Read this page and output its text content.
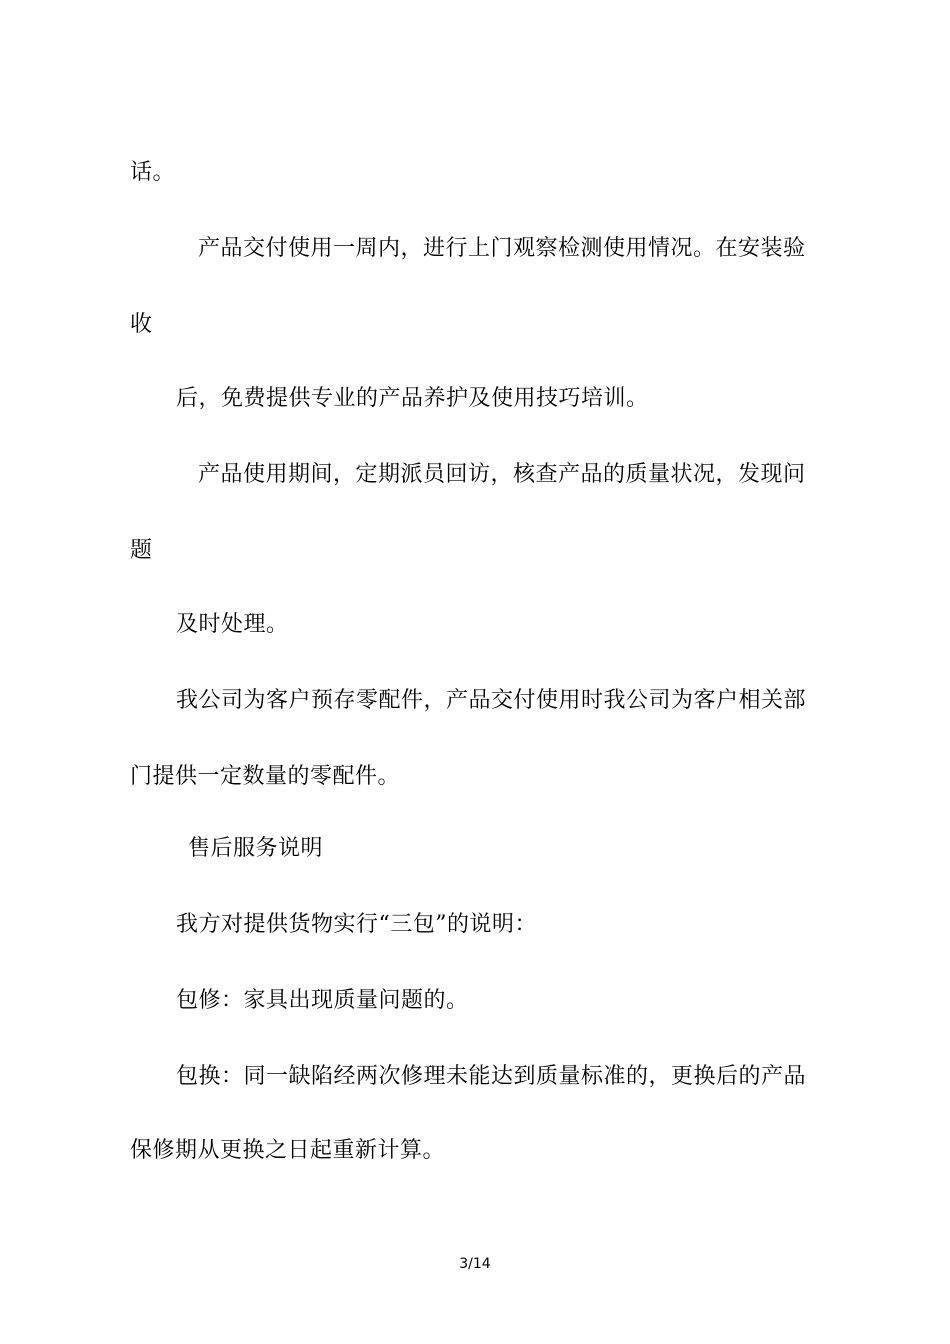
话。
产品交付使用一周内，进行上门观察检测使用情况。在安装验
收
后，免费提供专业的产品养护及使用技巧培训。
产品使用期间，定期派员回访，核查产品的质量状况，发现问
题
及时处理。
我公司为客户预存零配件，产品交付使用时我公司为客户相关部
门提供一定数量的零配件。
售后服务说明
我方对提供货物实行“三包”的说明：
包修：家具出现质量问题的。
包换：同一缺陷经两次修理未能达到质量标准的，更换后的产品
保修期从更换之日起重新计算。
3/14
